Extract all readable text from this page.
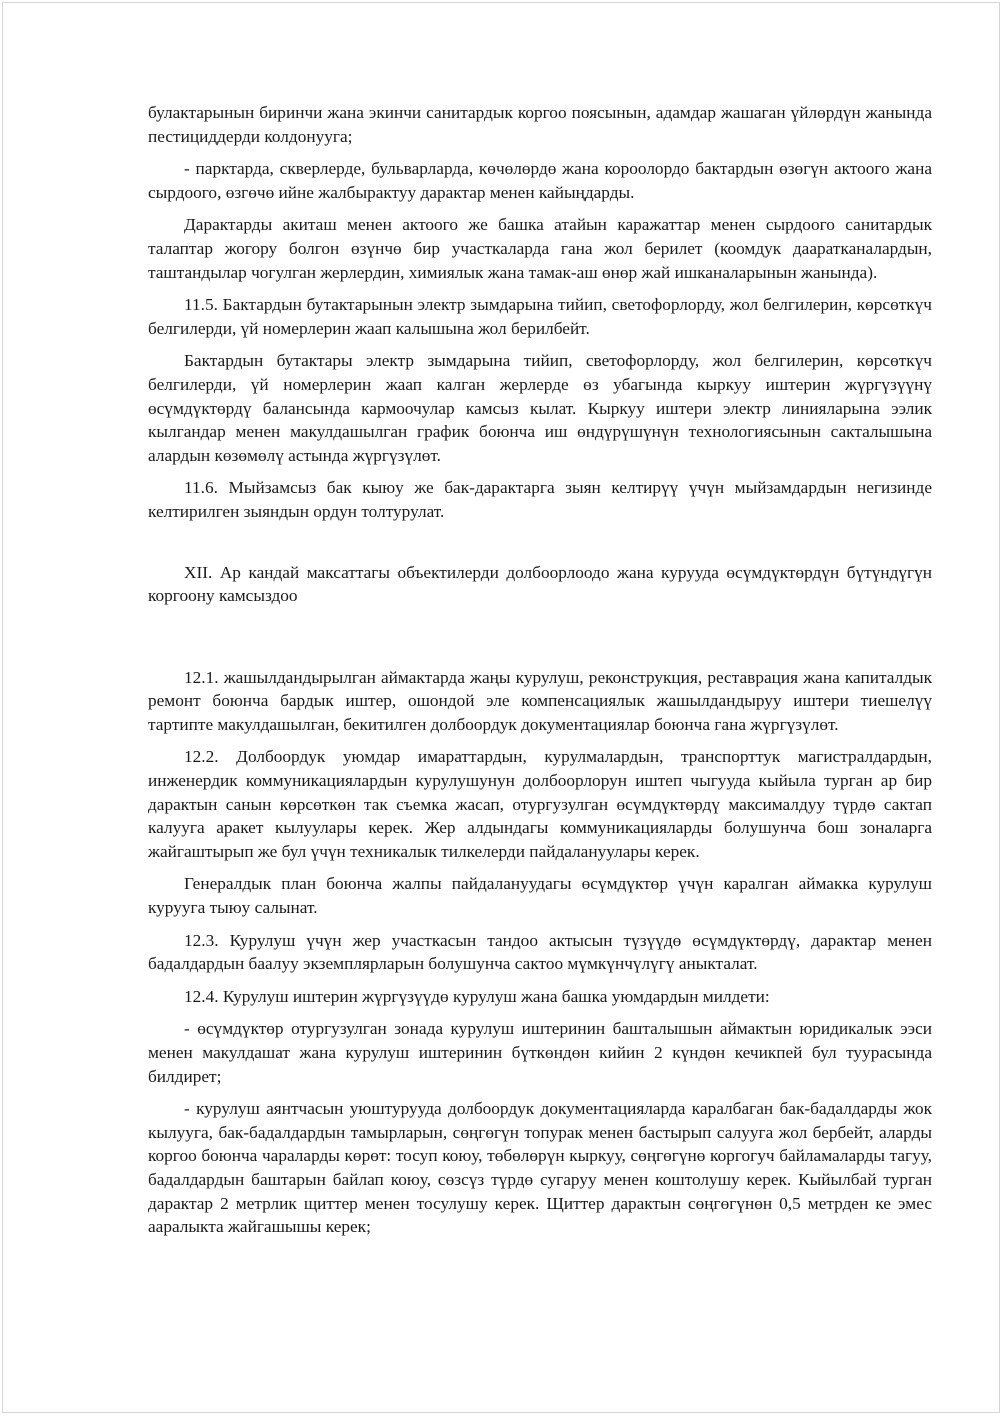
булактарынын биринчи жана экинчи санитардык коргоо поясынын, адамдар жашаган үйлөрдүн жанында пестициддерди колдонууга;

- парктарда, скверлерде, бульварларда, көчөлөрдө жана короолордо бактардын өзөгүн актоого жана сырдоого, өзгөчө ийне жалбырактуу дарактар менен кайыңдарды.

Дарактарды акиташ менен актоого же башка атайын каражаттар менен сырдоого санитардык талаптар жогору болгон өзүнчө бир участкаларда гана жол берилет (коомдук дааратканалардын, таштандылар чогулган жерлердин, химиялык жана тамак-аш өнөр жай ишканаларынын жанында).

11.5. Бактардын бутактарынын электр зымдарына тийип, светофорлорду, жол белгилерин, көрсөткүч белгилерди, үй номерлерин жаап калышына жол берилбейт.

Бактардын бутактары электр зымдарына тийип, светофорлорду, жол белгилерин, көрсөткүч белгилерди, үй номерлерин жаап калган жерлерде өз убагында кыркуу иштерин жүргүзүүнү өсүмдүктөрдү балансында кармоочулар камсыз кылат. Кыркуу иштери электр линияларына ээлик кылгандар менен макулдашылган график боюнча иш өндүрүшүнүн технологиясынын сакталышына алардын көзөмөлү астында жүргүзүлөт.

11.6. Мыйзамсыз бак кыюу же бак-дарактарга зыян келтирүү үчүн мыйзамдардын негизинде келтирилген зыяндын ордун толтурулат.

XII. Ар кандай максаттагы объектилерди долбоорлоодо жана курууда өсүмдүктөрдүн бүтүндүгүн коргоону камсыздоо

12.1. жашылдандырылган аймактарда жаңы курулуш, реконструкция, реставрация жана капиталдык ремонт боюнча бардык иштер, ошондой эле компенсациялык жашылдандыруу иштери тиешелүү тартипте макулдашылган, бекитилген долбоордук документациялар боюнча гана жүргүзүлөт.

12.2. Долбоордук уюмдар имараттардын, курулмалардын, транспорттук магистралдардын, инженердик коммуникациялардын курулушунун долбоорлорун иштеп чыгууда кыйыла турган ар бир дарактын санын көрсөткөн так съемка жасап, отургузулган өсүмдүктөрдү максималдуу түрдө сактап калууга аракет кылуулары керек. Жер алдындагы коммуникацияларды болушунча бош зоналарга жайгаштырып же бул үчүн техникалык тилкелерди пайдалануулары керек.

Генералдык план боюнча жалпы пайдалануудагы өсүмдүктөр үчүн каралган аймакка курулуш курууга тыюу салынат.

12.3. Курулуш үчүн жер участкасын тандоо актысын түзүүдө өсүмдүктөрдү, дарактар менен бадалдардын баалуу экземплярларын болушунча сактоо мүмкүнчүлүгү аныкталат.

12.4. Курулуш иштерин жүргүзүүдө курулуш жана башка уюмдардын милдети:

- өсүмдүктөр отургузулган зонада курулуш иштеринин башталышын аймактын юридикалык ээси менен макулдашат жана курулуш иштеринин бүткөндөн кийин 2 күндөн кечикпей бул туурасында билдирет;

- курулуш аянтчасын уюштурууда долбоордук документацияларда каралбаган бак-бадалдарды жок кылууга, бак-бадалдардын тамырларын, сөңгөгүн топурак менен бастырып салууга жол бербейт, аларды коргоо боюнча чараларды көрөт: тосуп коюу, төбөлөрүн кыркуу, сөңгөгүнө коргогуч байламаларды тагуу, бадалдардын баштарын байлап коюу, сөзсүз түрдө сугаруу менен коштолушу керек. Кыйылбай турган дарактар 2 метрлик щиттер менен тосулушу керек. Щиттер дарактын сөңгөгүнөн 0,5 метрден ке эмес ааралыкта жайгашышы керек;
